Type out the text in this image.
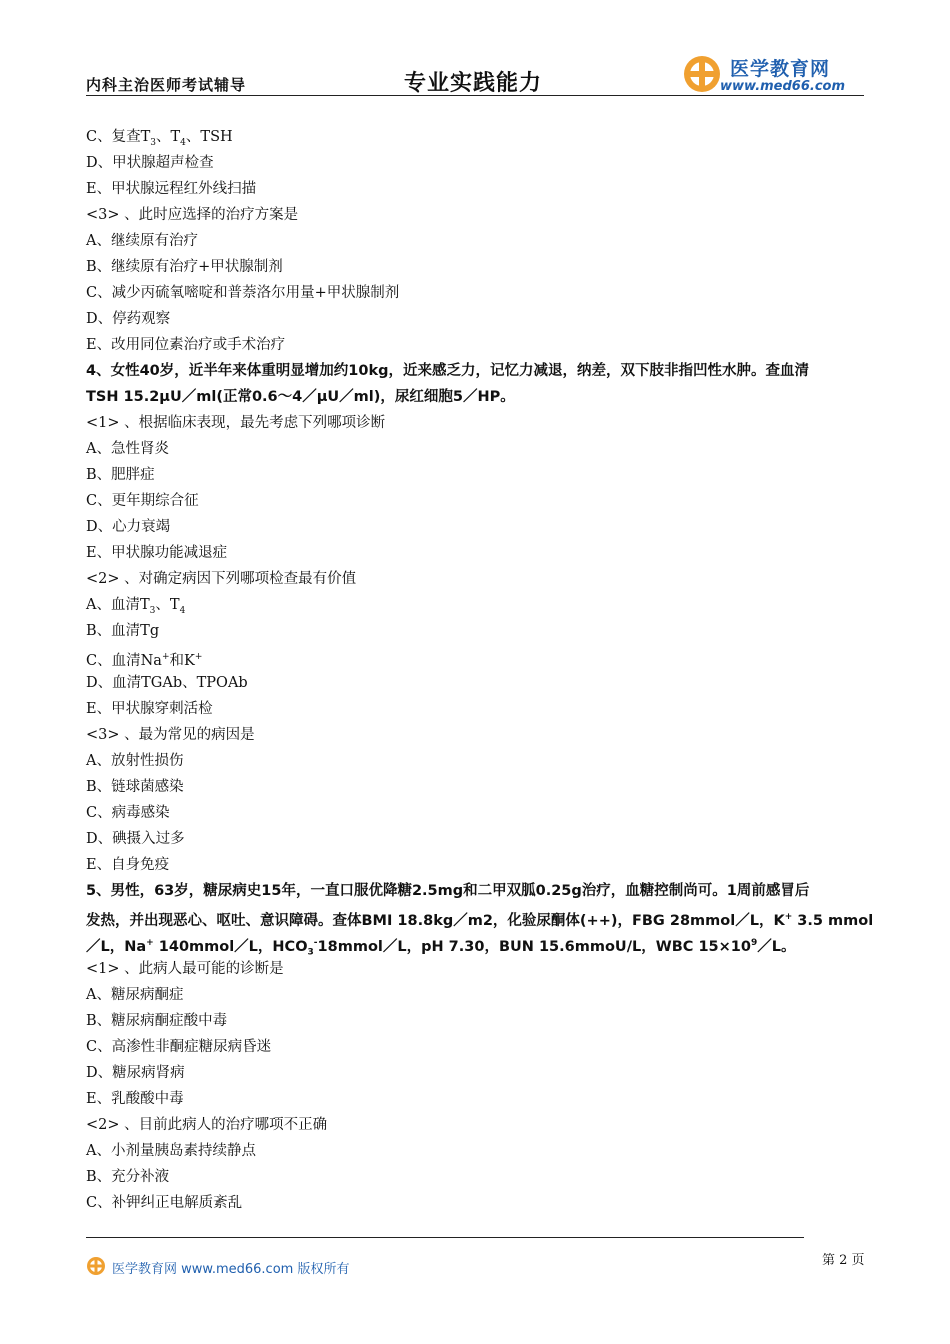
内科主治医师考试辅导	专业实践能力
医学教育网
www.med66.com
C、复查$T_3$、$T_4$、TSH
D、甲状腺超声检查
E、甲状腺远程红外线扫描
<3> 、此时应选择的治疗方案是
A、继续原有治疗
B、继续原有治疗+甲状腺制剂
C、减少丙硫氧嘧啶和普萘洛尔用量+甲状腺制剂
D、停药观察
E、改用同位素治疗或手术治疗
4、女性40岁，近半年来体重明显增加约10kg，近来感乏力，记忆力减退，纳差，双下肢非指凹性水肿。查血清
TSH 15.2μU／ml(正常0.6～4／μU／ml)，尿红细胞5／HP。
<1> 、根据临床表现，最先考虑下列哪项诊断
A、急性肾炎
B、肥胖症
C、更年期综合征
D、心力衰竭
E、甲状腺功能减退症
<2> 、对确定病因下列哪项检查最有价值
A、血清$T_3$、$T_4$
B、血清Tg
C、血清Na+和K+
D、血清TGAb、TPOAb
E、甲状腺穿刺活检
<3> 、最为常见的病因是
A、放射性损伤
B、链球菌感染
C、病毒感染
D、碘摄入过多
E、自身免疫
5、男性，63岁，糖尿病史15年，一直口服优降糖2.5mg和二甲双胍0.25g治疗，血糖控制尚可。1周前感冒后
发热，并出现恶心、呕吐、意识障碍。查体BMI 18.8kg／m2，化验尿酮体(++)，FBG 28mmol／L，K+ 3.5 mmol
／L，Na+ 140mmol／L，$HCO_3^-18mmol/L$，pH 7.30，BUN 15.6mmoU/L，WBC $15\times 10^9/L$。
<1> 、此病人最可能的诊断是
A、糖尿病酮症
B、糖尿病酮症酸中毒
C、高渗性非酮症糖尿病昏迷
D、糖尿病肾病
E、乳酸酸中毒
<2> 、目前此病人的治疗哪项不正确
A、小剂量胰岛素持续静点
B、充分补液
C、补钾纠正电解质紊乱
医学教育网 www.med66.com 版权所有
第 2 页
